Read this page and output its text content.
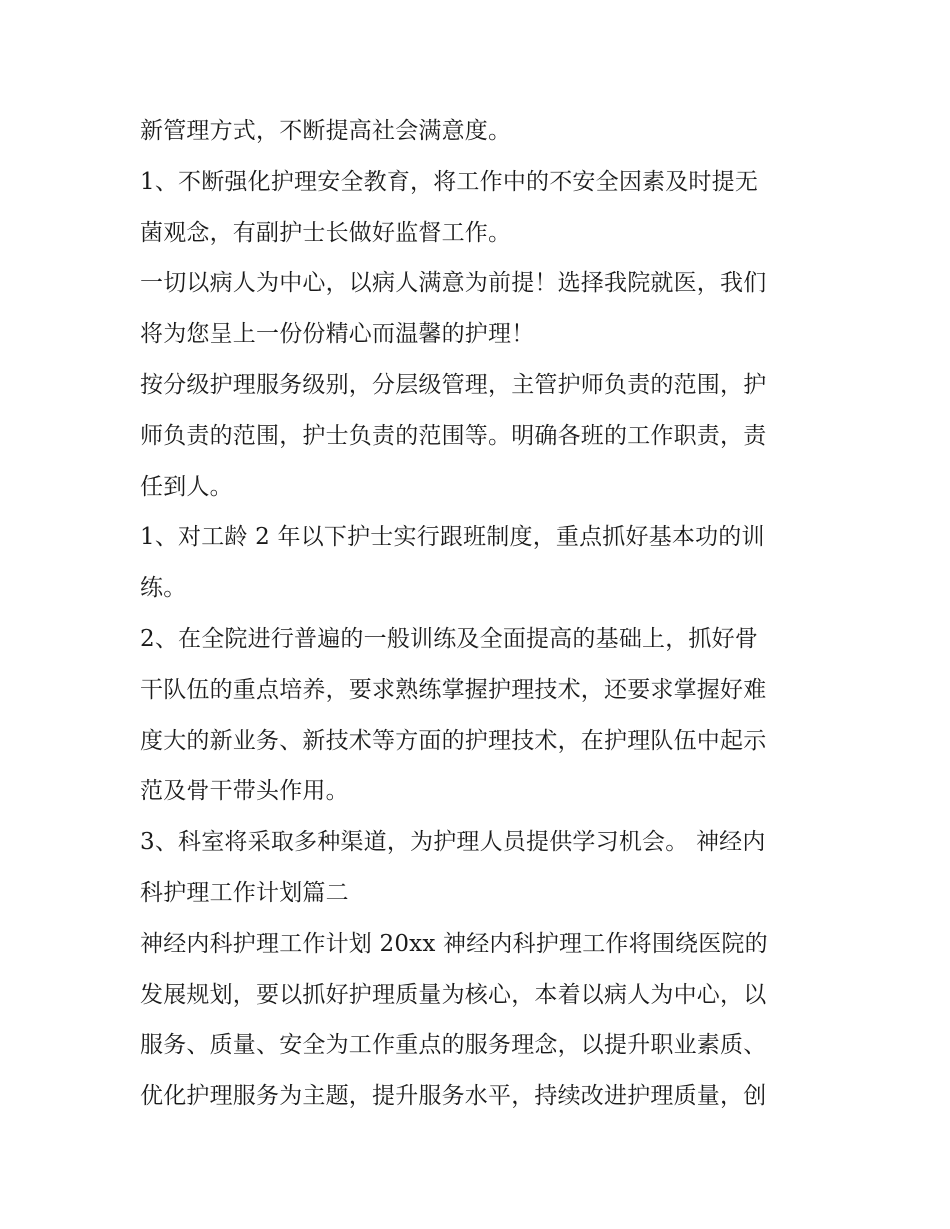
新管理方式，不断提高社会满意度。
1、不断强化护理安全教育，将工作中的不安全因素及时提无
菌观念，有副护士长做好监督工作。
一切以病人为中心，以病人满意为前提！选择我院就医，我们
将为您呈上一份份精心而温馨的护理！
按分级护理服务级别，分层级管理，主管护师负责的范围，护
师负责的范围，护士负责的范围等。明确各班的工作职责，责
任到人。
1、对工龄 2 年以下护士实行跟班制度，重点抓好基本功的训
练。
2、在全院进行普遍的一般训练及全面提高的基础上，抓好骨
干队伍的重点培养，要求熟练掌握护理技术，还要求掌握好难
度大的新业务、新技术等方面的护理技术，在护理队伍中起示
范及骨干带头作用。
3、科室将采取多种渠道，为护理人员提供学习机会。 神经内
科护理工作计划篇二
神经内科护理工作计划 20xx 神经内科护理工作将围绕医院的
发展规划，要以抓好护理质量为核心，本着以病人为中心，以
服务、质量、安全为工作重点的服务理念，以提升职业素质、
优化护理服务为主题，提升服务水平，持续改进护理质量，创
